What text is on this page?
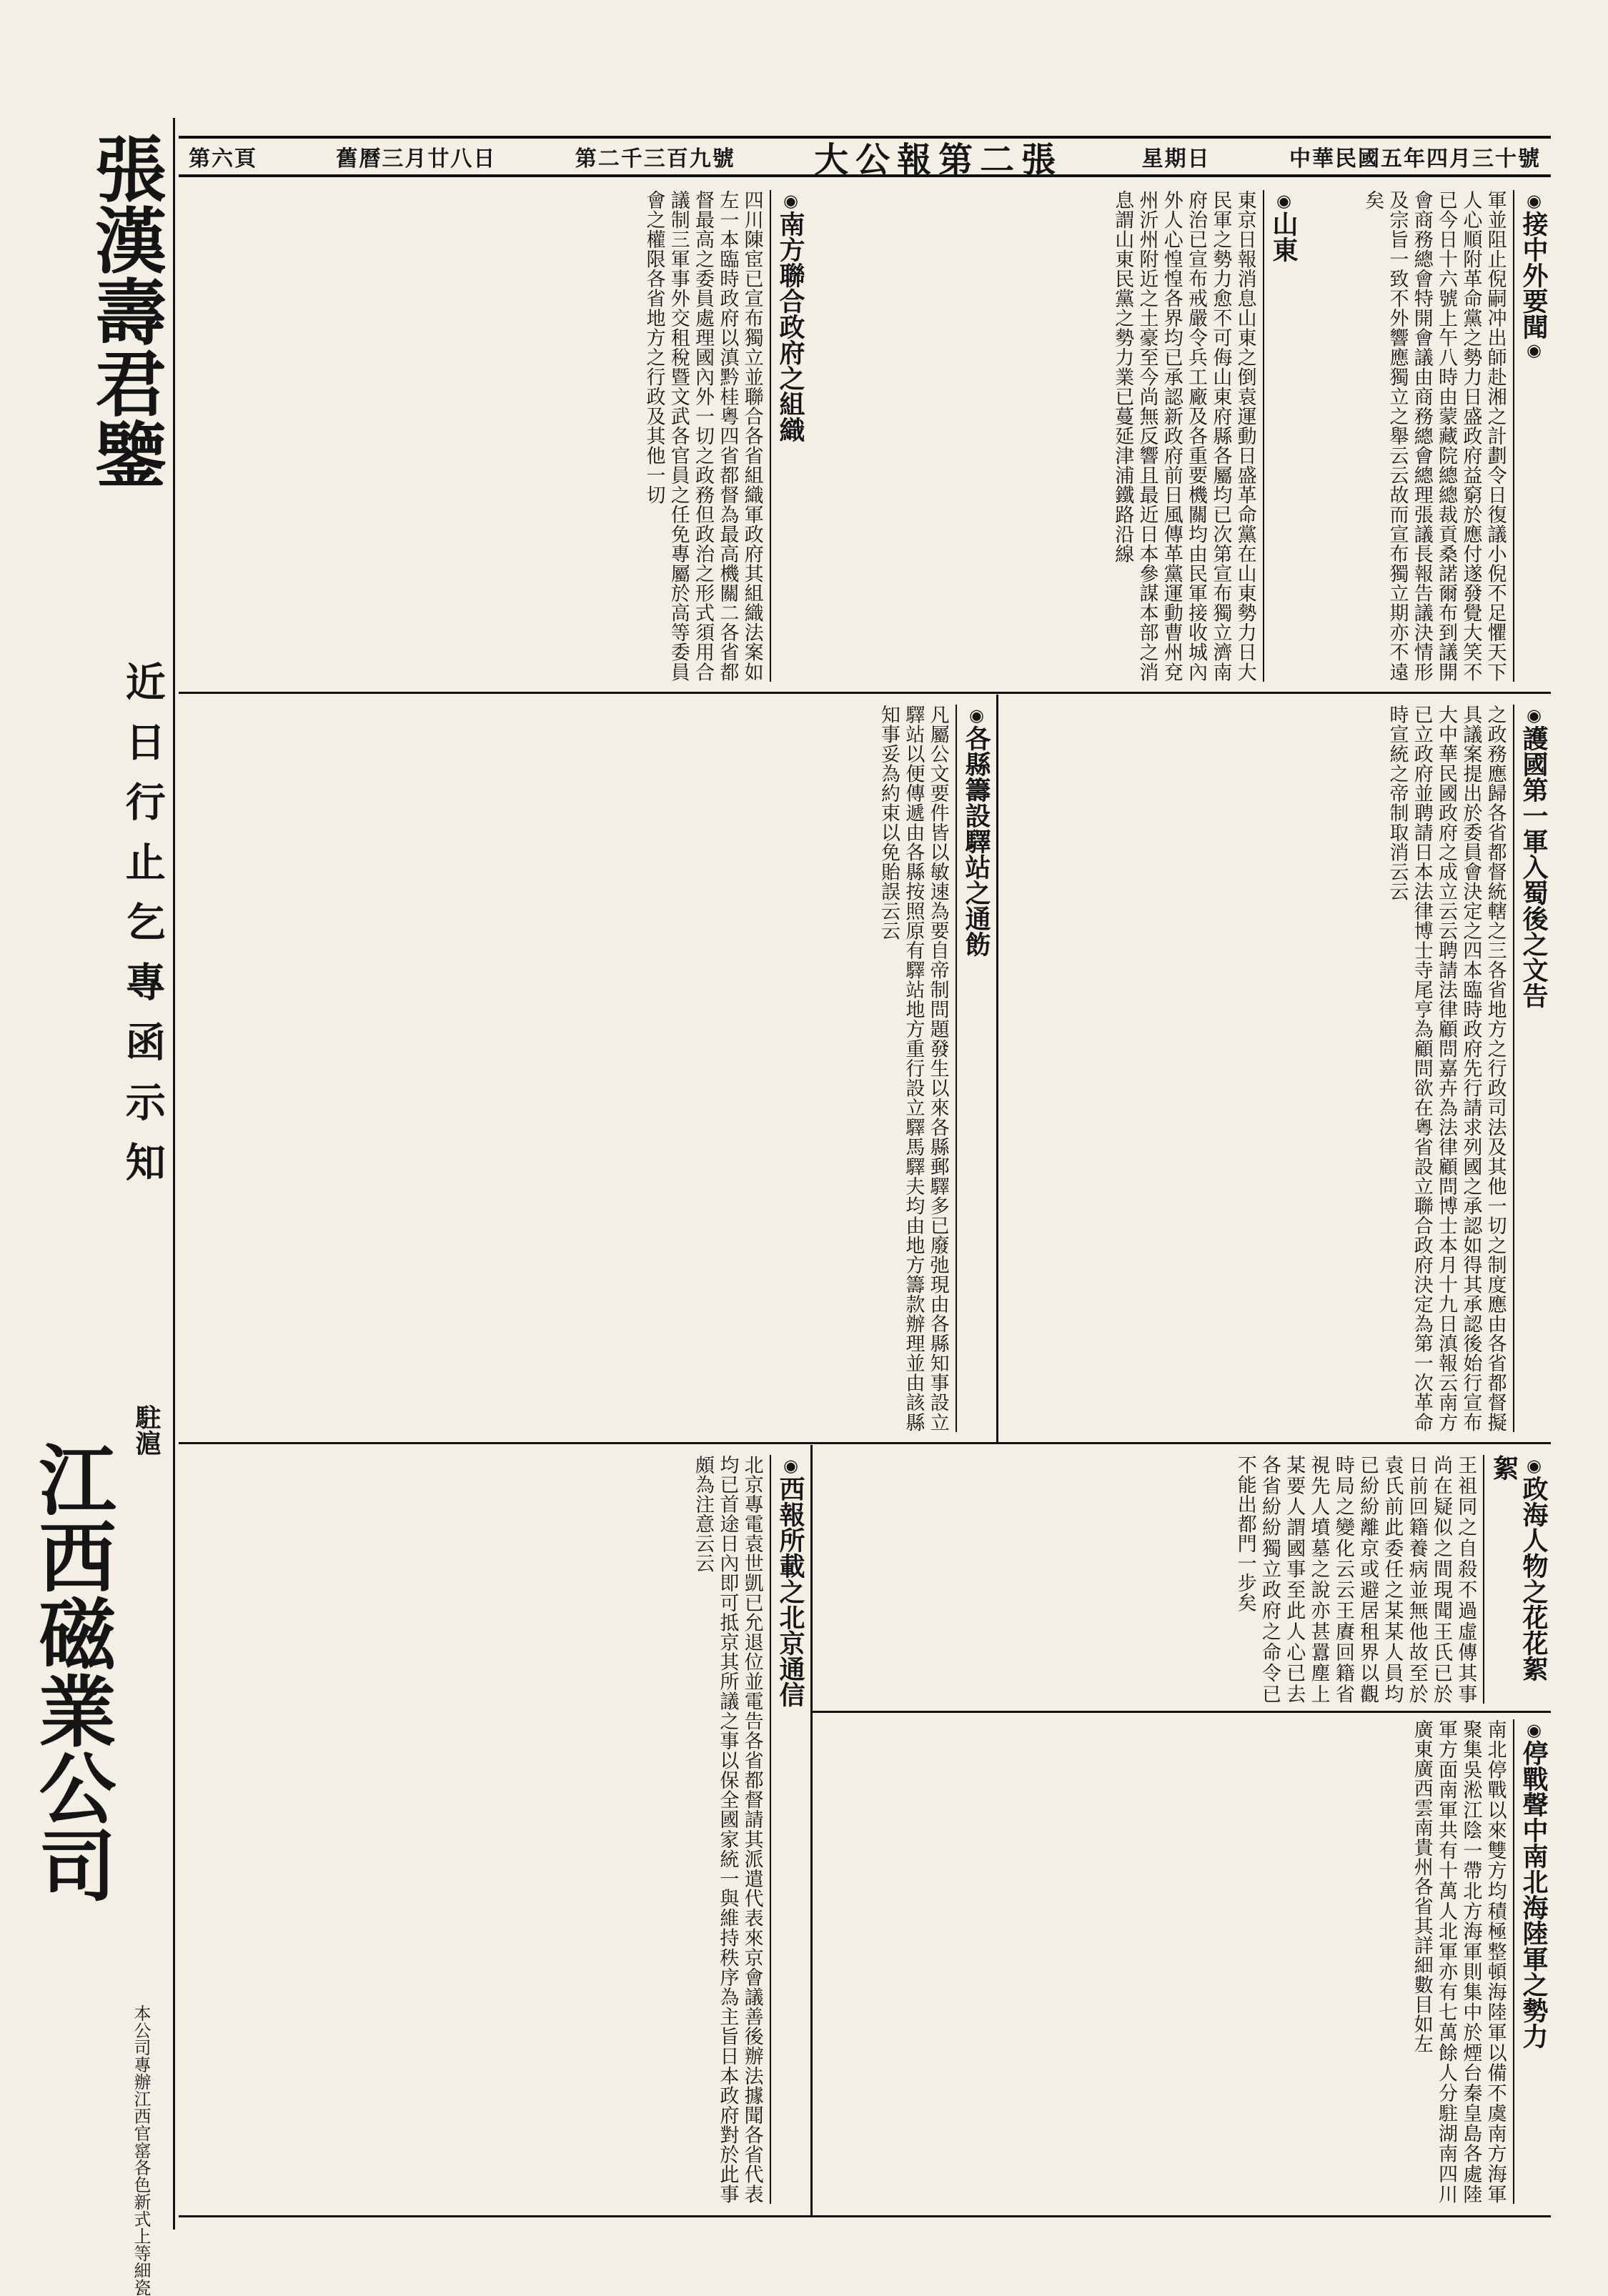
第六頁	舊曆三月廿八日	第二千三百九號 大公報第二張	星期日	中華民國五年四月三十號
張漢壽君鑒
近日行止乞專函示知
駐滬
江西磁業公司
本公司專辦江西官窰各色新式上等細瓷
◉接中外要聞◉
軍並阻止倪嗣冲出師赴湘之計劃令日復議小倪不足懼天下人心順附革命黨之勢力日盛政府益窮於應付遂發覺大笑不已今日十六號上午八時由蒙藏院總總裁貢桑諾爾布到議開會商務總會特開會議由商務總會總理張議長報告議決情形及宗旨一致不外響應獨立之舉云云故而宣布獨立期亦不遠矣
◉山東
東京日報消息山東之倒袁運動日盛革命黨在山東勢力日大民軍之勢力愈不可侮山東府縣各屬均已次第宣布獨立濟南府治已宣布戒嚴令兵工廠及各重要機關均由民軍接收城內外人心惶惶各界均已承認新政府前日風傳革黨運動曹州兗州沂州附近之土豪至今尚無反響且最近日本參謀本部之消息謂山東民黨之勢力業已蔓延津浦鐵路沿線
◉南方聯合政府之組織
四川陳宦已宣布獨立並聯合各省組織軍政府其組織法案如左一本臨時政府以滇黔桂粵四省都督為最高機關二各省都督最高之委員處理國內外一切之政務但政治之形式須用合議制三軍事外交租稅暨文武各官員之任免專屬於高等委員會之權限各省地方之行政及其他一切
◉護國第一軍入蜀後之文告
之政務應歸各省都督統轄之三各省地方之行政司法及其他一切之制度應由各省都督擬具議案提出於委員會決定之四本臨時政府先行請求列國之承認如得其承認後始行宣布大中華民國政府之成立云云聘請法律顧問嘉卉為法律顧問博士本月十九日滇報云南方已立政府並聘請日本法律博士寺尾亨為顧問欲在粵省設立聯合政府決定為第一次革命時宣統之帝制取消云云
◉各縣籌設驛站之通飭
凡屬公文要件皆以敏速為要自帝制問題發生以來各縣郵驛多已廢弛現由各縣知事設立驛站以便傳遞由各縣按照原有驛站地方重行設立驛馬驛夫均由地方籌款辦理並由該縣知事妥為約束以免貽誤云云
◉政海人物之花花絮絮
王祖同之自殺不過虛傳其事尚在疑似之間現聞王氏已於日前回籍養病並無他故至於袁氏前此委任之某某人員均已紛紛離京或避居租界以觀時局之變化云云王賡回籍省視先人墳墓之說亦甚囂塵上某要人謂國事至此人心已去各省紛紛獨立政府之命令已不能出都門一步矣
◉西報所載之北京通信
北京專電袁世凱已允退位並電告各省都督請其派遣代表來京會議善後辦法據聞各省代表均已首途日內即可抵京其所議之事以保全國家統一與維持秩序為主旨日本政府對於此事頗為注意云云
◉停戰聲中南北海陸軍之勢力
南北停戰以來雙方均積極整頓海陸軍以備不虞南方海軍聚集吳淞江陰一帶北方海軍則集中於煙台秦皇島各處陸軍方面南軍共有十萬人北軍亦有七萬餘人分駐湖南四川廣東廣西雲南貴州各省其詳細數目如左
